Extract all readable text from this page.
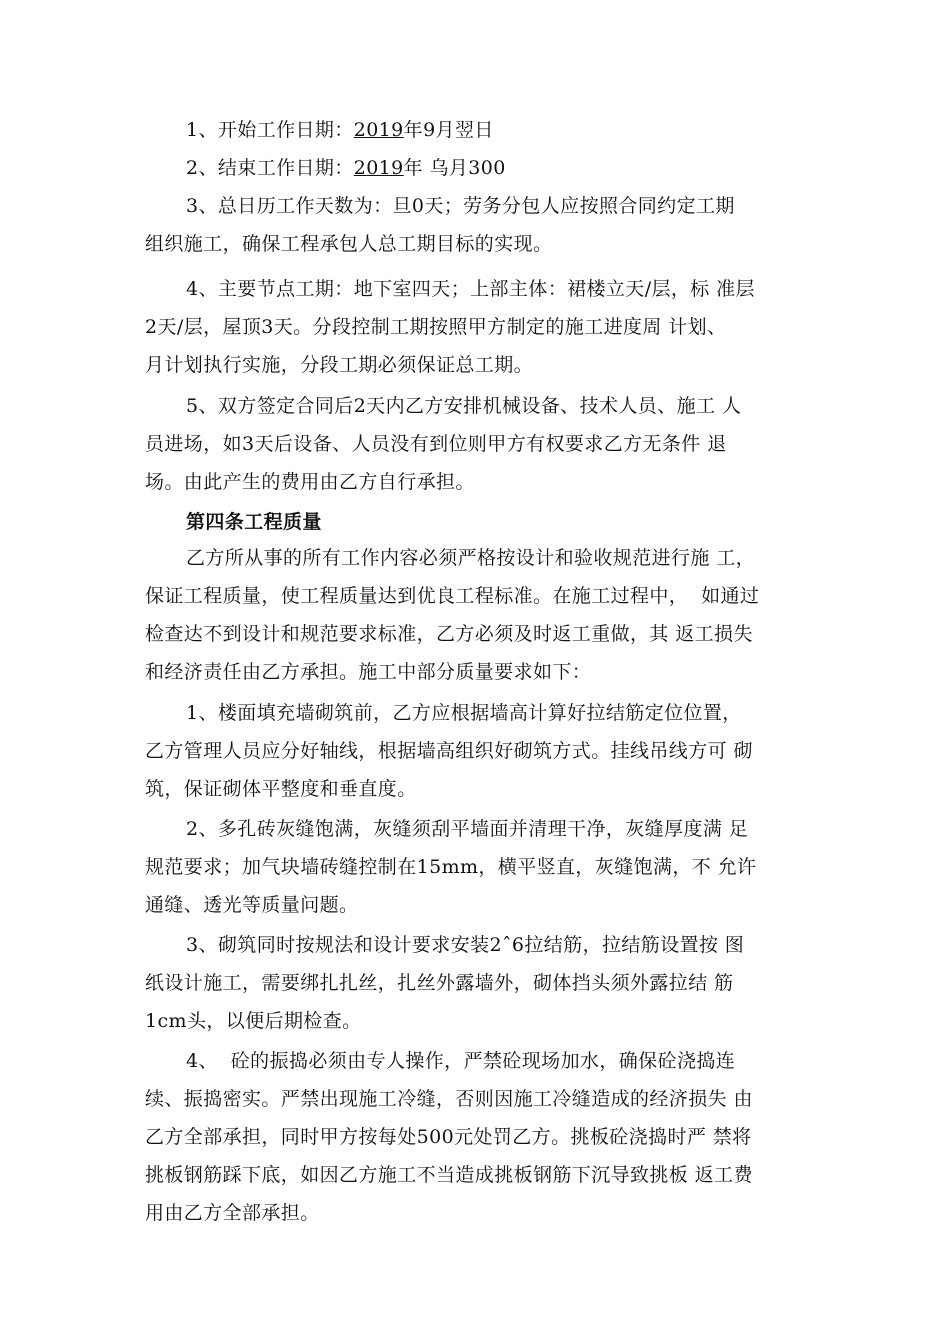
1、开始工作日期：2019年9月翌日
2、结束工作日期：2019年 乌月300
3、总日历工作天数为：旦0天；劳务分包人应按照合同约定工期
组织施工，确保工程承包人总工期目标的实现。
4、主要节点工期：地下室四天；上部主体：裙楼立天/层，标 准层
2天/层，屋顶3天。分段控制工期按照甲方制定的施工进度周 计划、
月计划执行实施，分段工期必须保证总工期。
5、双方签定合同后2天内乙方安排机械设备、技术人员、施工 人
员进场，如3天后设备、人员没有到位则甲方有权要求乙方无条件 退
场。由此产生的费用由乙方自行承担。
第四条工程质量
乙方所从事的所有工作内容必须严格按设计和验收规范进行施 工，
保证工程质量，使工程质量达到优良工程标准。在施工过程中，  如通过
检查达不到设计和规范要求标准，乙方必须及时返工重做，其 返工损失
和经济责任由乙方承担。施工中部分质量要求如下：
1、楼面填充墙砌筑前，乙方应根据墙高计算好拉结筋定位位置，
乙方管理人员应分好轴线，根据墙高组织好砌筑方式。挂线吊线方可 砌
筑，保证砌体平整度和垂直度。
2、多孔砖灰缝饱满，灰缝须刮平墙面并清理干净，灰缝厚度满 足
规范要求；加气块墙砖缝控制在15mm，横平竖直，灰缝饱满，不 允许
通缝、透光等质量问题。
3、砌筑同时按规法和设计要求安装2ˆ6拉结筋，拉结筋设置按 图
纸设计施工，需要绑扎扎丝，扎丝外露墙外，砌体挡头须外露拉结 筋
1cm头，以便后期检查。
4、  砼的振捣必须由专人操作，严禁砼现场加水，确保砼浇捣连
续、振捣密实。严禁出现施工冷缝，否则因施工冷缝造成的经济损失 由
乙方全部承担，同时甲方按每处500元处罚乙方。挑板砼浇捣时严 禁将
挑板钢筋踩下底，如因乙方施工不当造成挑板钢筋下沉导致挑板 返工费
用由乙方全部承担。
